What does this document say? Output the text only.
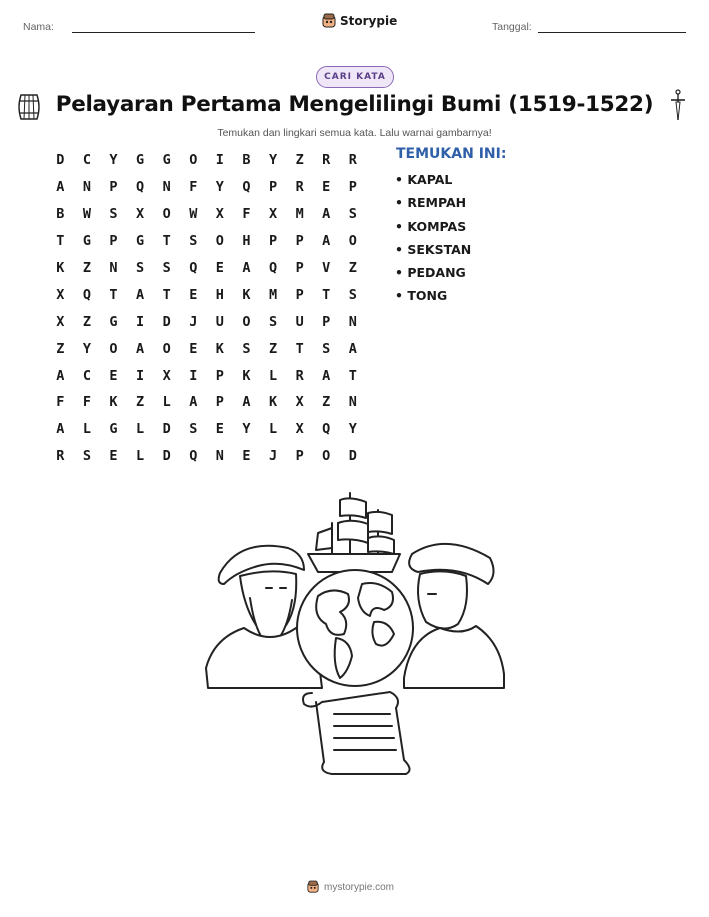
Nama:	Storypie	Tanggal:
CARI KATA
Pelayaran Pertama Mengelilingi Bumi (1519-1522)
Temukan dan lingkari semua kata. Lalu warnai gambarnya!
D	C	Y	G	G	O	I	B	Y	Z	R	R
A	N	P	Q	N	F	Y	Q	P	R	E	P
B	W	S	X	O	W	X	F	X	M	A	S
T	G	P	G	T	S	O	H	P	P	A	O
K	Z	N	S	S	Q	E	A	Q	P	V	Z
X	Q	T	A	T	E	H	K	M	P	T	S
X	Z	G	I	D	J	U	O	S	U	P	N
Z	Y	O	A	O	E	K	S	Z	T	S	A
A	C	E	I	X	I	P	K	L	R	A	T
F	F	K	Z	L	A	P	A	K	X	Z	N
A	L	G	L	D	S	E	Y	L	X	Q	Y
R	S	E	L	D	Q	N	E	J	P	O	D
TEMUKAN INI:
• KAPAL
• REMPAH
• KOMPAS
• SEKSTAN
• PEDANG
• TONG
mystorypie.com
